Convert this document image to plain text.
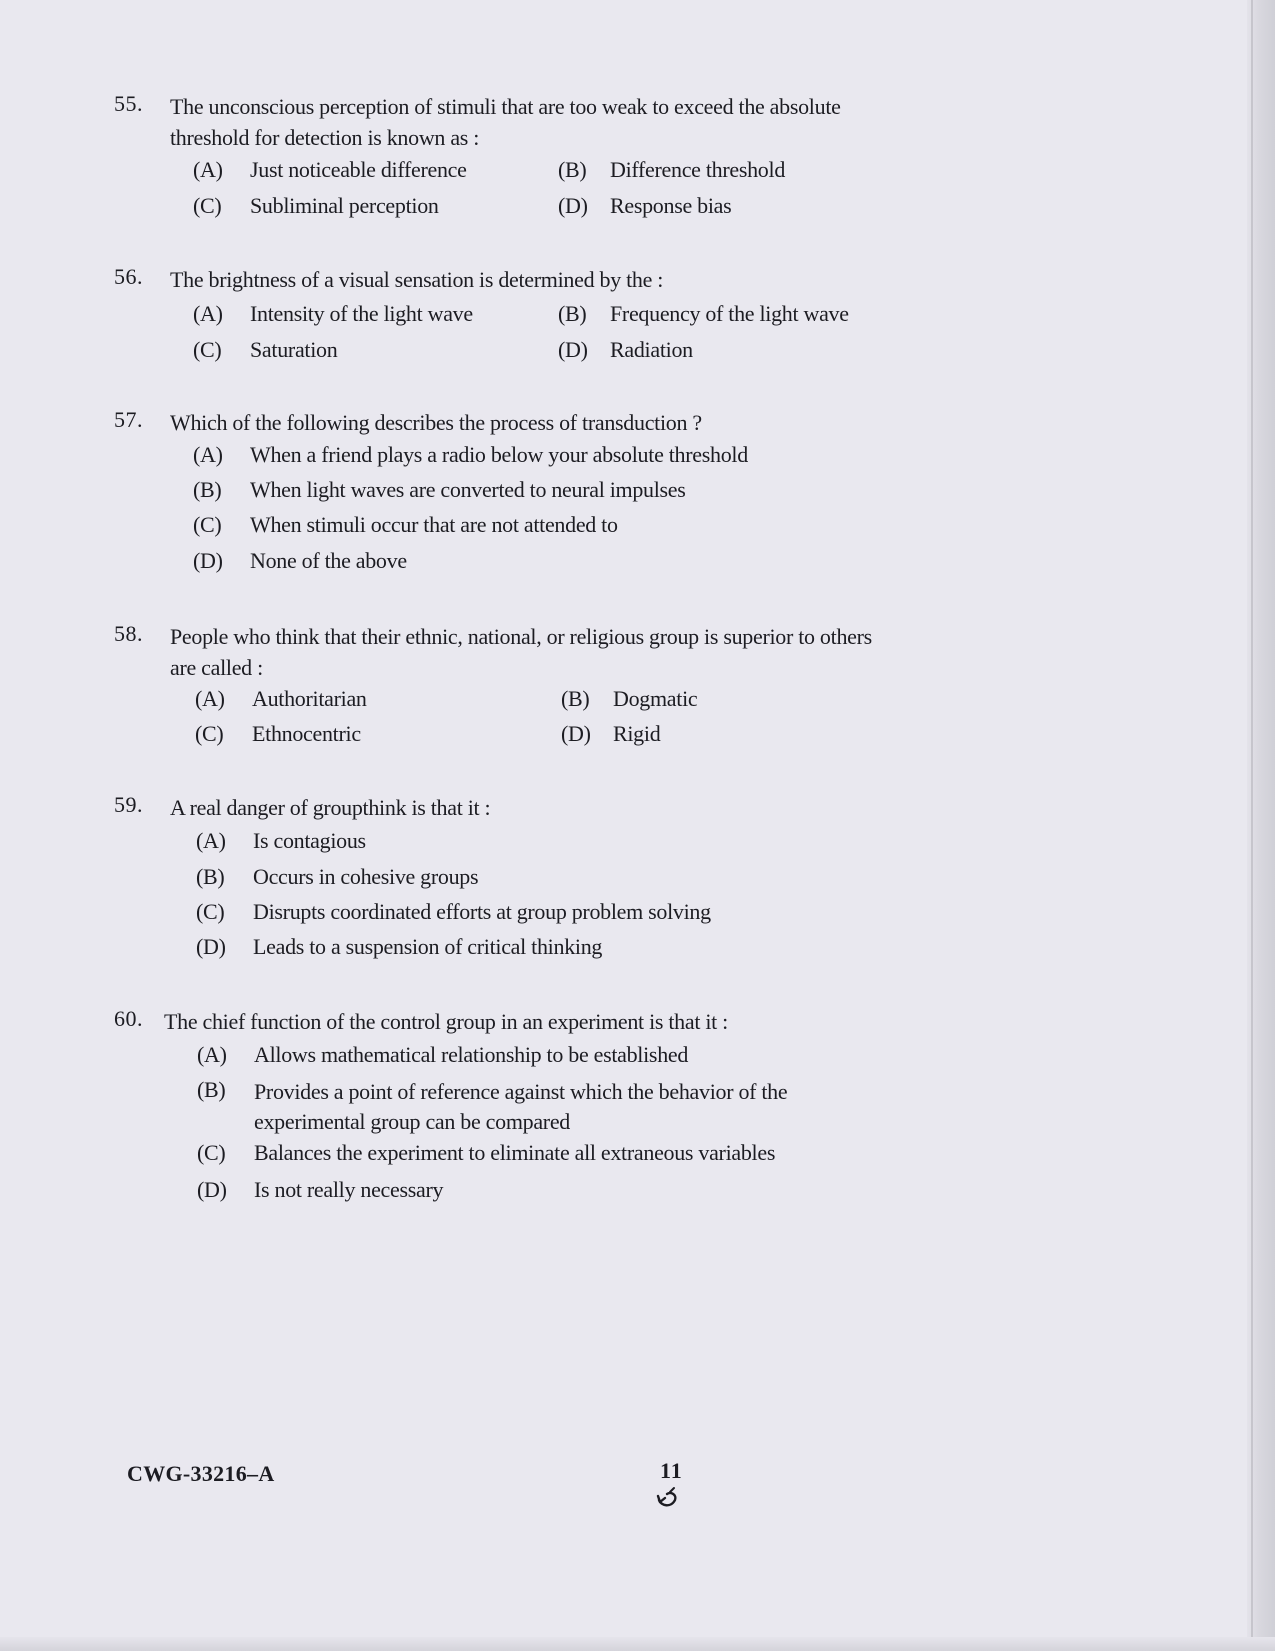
55. The unconscious perception of stimuli that are too weak to exceed the absolute
threshold for detection is known as :
(A) Just noticeable difference	(B) Difference threshold
(C) Subliminal perception	(D) Response bias
56. The brightness of a visual sensation is determined by the :
(A) Intensity of the light wave	(B) Frequency of the light wave
(C) Saturation	(D) Radiation
57. Which of the following describes the process of transduction ?
(A) When a friend plays a radio below your absolute threshold
(B) When light waves are converted to neural impulses
(C) When stimuli occur that are not attended to
(D) None of the above
58. People who think that their ethnic, national, or religious group is superior to others
are called :
(A) Authoritarian	(B) Dogmatic
(C) Ethnocentric	(D) Rigid
59. A real danger of groupthink is that it :
(A) Is contagious
(B) Occurs in cohesive groups
(C) Disrupts coordinated efforts at group problem solving
(D) Leads to a suspension of critical thinking
60. The chief function of the control group in an experiment is that it :
(A) Allows mathematical relationship to be established
(B) Provides a point of reference against which the behavior of the
experimental group can be compared
(C) Balances the experiment to eliminate all extraneous variables
(D) Is not really necessary
CWG-33216–A	11
